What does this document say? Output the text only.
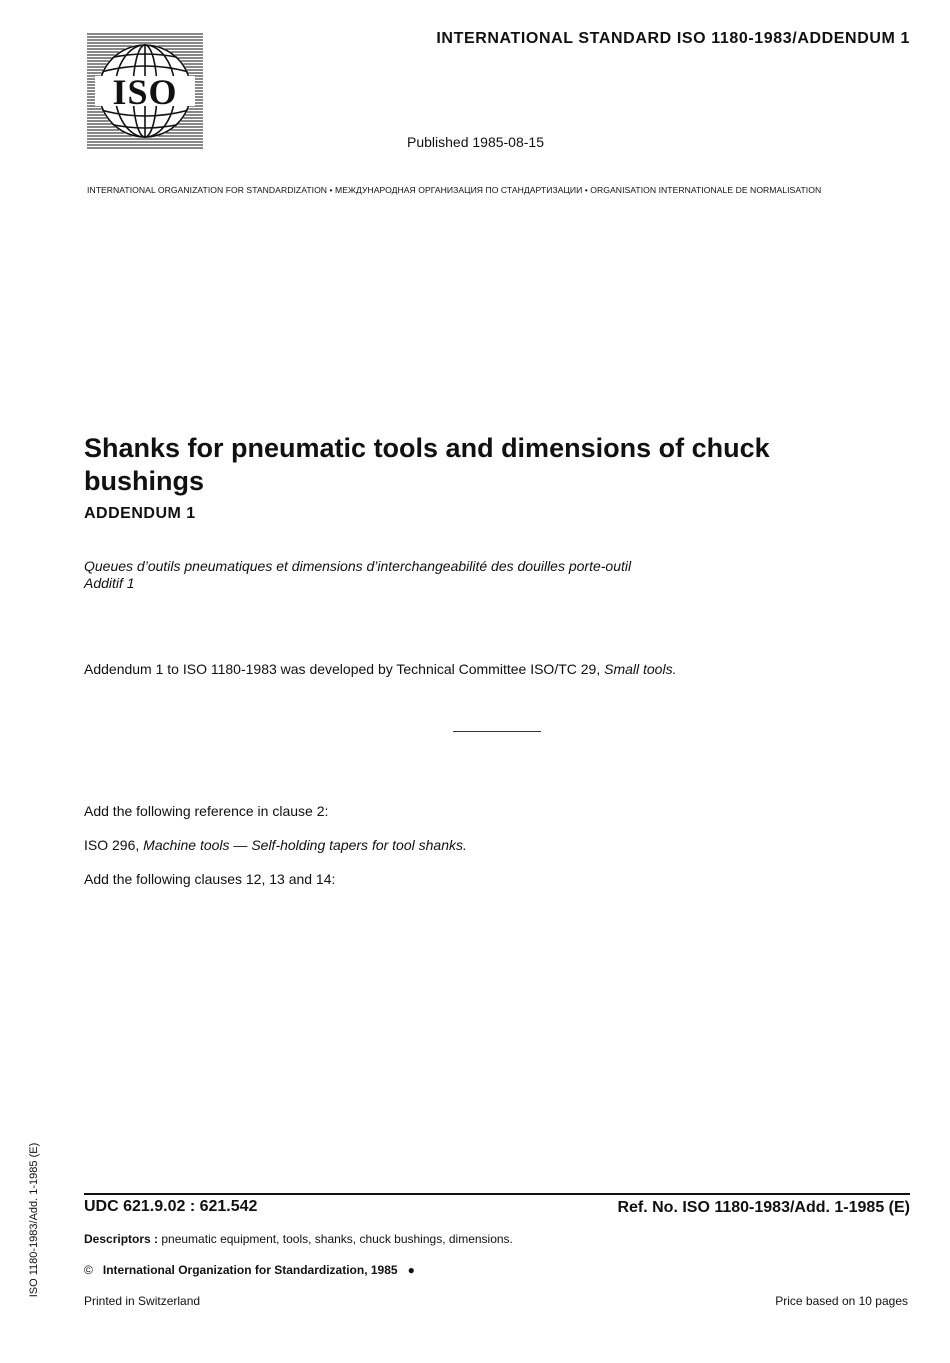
ISO
INTERNATIONAL STANDARD ISO 1180-1983/ADDENDUM 1
Published 1985-08-15
INTERNATIONAL ORGANIZATION FOR STANDARDIZATION • МЕЖДУНАРОДНАЯ ОРГАНИЗАЦИЯ ПО СТАНДАРТИЗАЦИИ • ORGANISATION INTERNATIONALE DE NORMALISATION
Shanks for pneumatic tools and dimensions of chuck bushings
ADDENDUM 1
Queues d’outils pneumatiques et dimensions d’interchangeabilité des douilles porte-outil
Additif 1
Addendum 1 to ISO 1180-1983 was developed by Technical Committee ISO/TC 29, Small tools.
Add the following reference in clause 2:
ISO 296, Machine tools — Self-holding tapers for tool shanks.
Add the following clauses 12, 13 and 14:
ISO 1180-1983/Add. 1-1985 (E)	UDC 621.9.02 : 621.542	Ref. No. ISO 1180-1983/Add. 1-1985 (E)
Descriptors : pneumatic equipment, tools, shanks, chuck bushings, dimensions.
© International Organization for Standardization, 1985 ●
Printed in Switzerland	Price based on 10 pages
